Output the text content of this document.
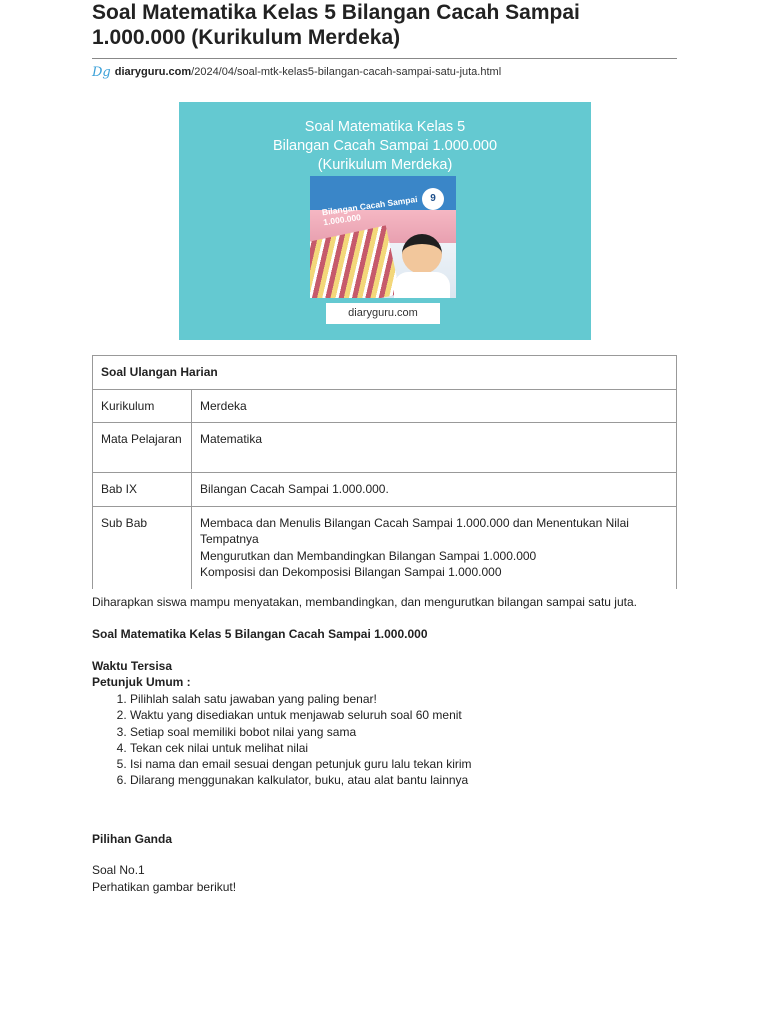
Soal Matematika Kelas 5 Bilangan Cacah Sampai 1.000.000 (Kurikulum Merdeka)
Dg diaryguru.com/2024/04/soal-mtk-kelas5-bilangan-cacah-sampai-satu-juta.html
Soal Matematika Kelas 5
Bilangan Cacah Sampai 1.000.000
(Kurikulum Merdeka)
Bilangan Cacah Sampai 1.000.000
9
diaryguru.com
Soal Ulangan Harian	
Kurikulum	Merdeka
Mata Pelajaran	Matematika
Bab IX	Bilangan Cacah Sampai 1.000.000.
Sub Bab	Membaca dan Menulis Bilangan Cacah Sampai 1.000.000 dan Menentukan Nilai Tempatnya
Mengurutkan dan Membandingkan Bilangan Sampai 1.000.000
Komposisi dan Dekomposisi Bilangan Sampai 1.000.000
Diharapkan siswa mampu menyatakan, membandingkan, dan mengurutkan bilangan sampai satu juta.
Soal Matematika Kelas 5 Bilangan Cacah Sampai 1.000.000
Waktu Tersisa
Petunjuk Umum :
1. Pilihlah salah satu jawaban yang paling benar!
2. Waktu yang disediakan untuk menjawab seluruh soal 60 menit
3. Setiap soal memiliki bobot nilai yang sama
4. Tekan cek nilai untuk melihat nilai
5. Isi nama dan email sesuai dengan petunjuk guru lalu tekan kirim
6. Dilarang menggunakan kalkulator, buku, atau alat bantu lainnya
Pilihan Ganda
Soal No.1
Perhatikan gambar berikut!
